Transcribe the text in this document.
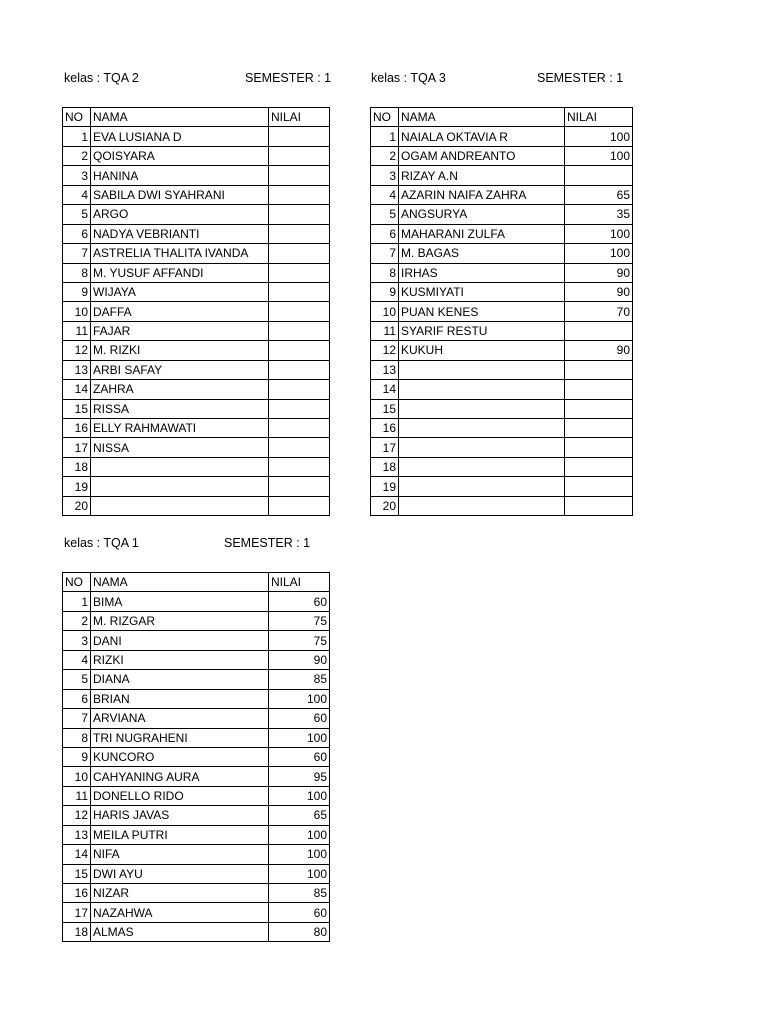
kelas : TQA 2	SEMESTER : 1
NO	NAMA	NILAI
1	EVA LUSIANA D	
2	QOISYARA	
3	HANINA	
4	SABILA DWI SYAHRANI	
5	ARGO	
6	NADYA VEBRIANTI	
7	ASTRELIA THALITA IVANDA	
8	M. YUSUF AFFANDI	
9	WIJAYA	
10	DAFFA	
11	FAJAR	
12	M. RIZKI	
13	ARBI SAFAY	
14	ZAHRA	
15	RISSA	
16	ELLY RAHMAWATI	
17	NISSA	
18		
19		
20		
kelas : TQA 3	SEMESTER : 1
NO	NAMA	NILAI
1	NAIALA OKTAVIA R	100
2	OGAM ANDREANTO	100
3	RIZAY A.N	
4	AZARIN NAIFA ZAHRA	65
5	ANGSURYA	35
6	MAHARANI ZULFA	100
7	M. BAGAS	100
8	IRHAS	90
9	KUSMIYATI	90
10	PUAN KENES	70
11	SYARIF RESTU	
12	KUKUH	90
13		
14		
15		
16		
17		
18		
19		
20		
kelas : TQA 1	SEMESTER : 1
NO	NAMA	NILAI
1	BIMA	60
2	M. RIZGAR	75
3	DANI	75
4	RIZKI	90
5	DIANA	85
6	BRIAN	100
7	ARVIANA	60
8	TRI NUGRAHENI	100
9	KUNCORO	60
10	CAHYANING AURA	95
11	DONELLO RIDO	100
12	HARIS JAVAS	65
13	MEILA PUTRI	100
14	NIFA	100
15	DWI AYU	100
16	NIZAR	85
17	NAZAHWA	60
18	ALMAS	80
